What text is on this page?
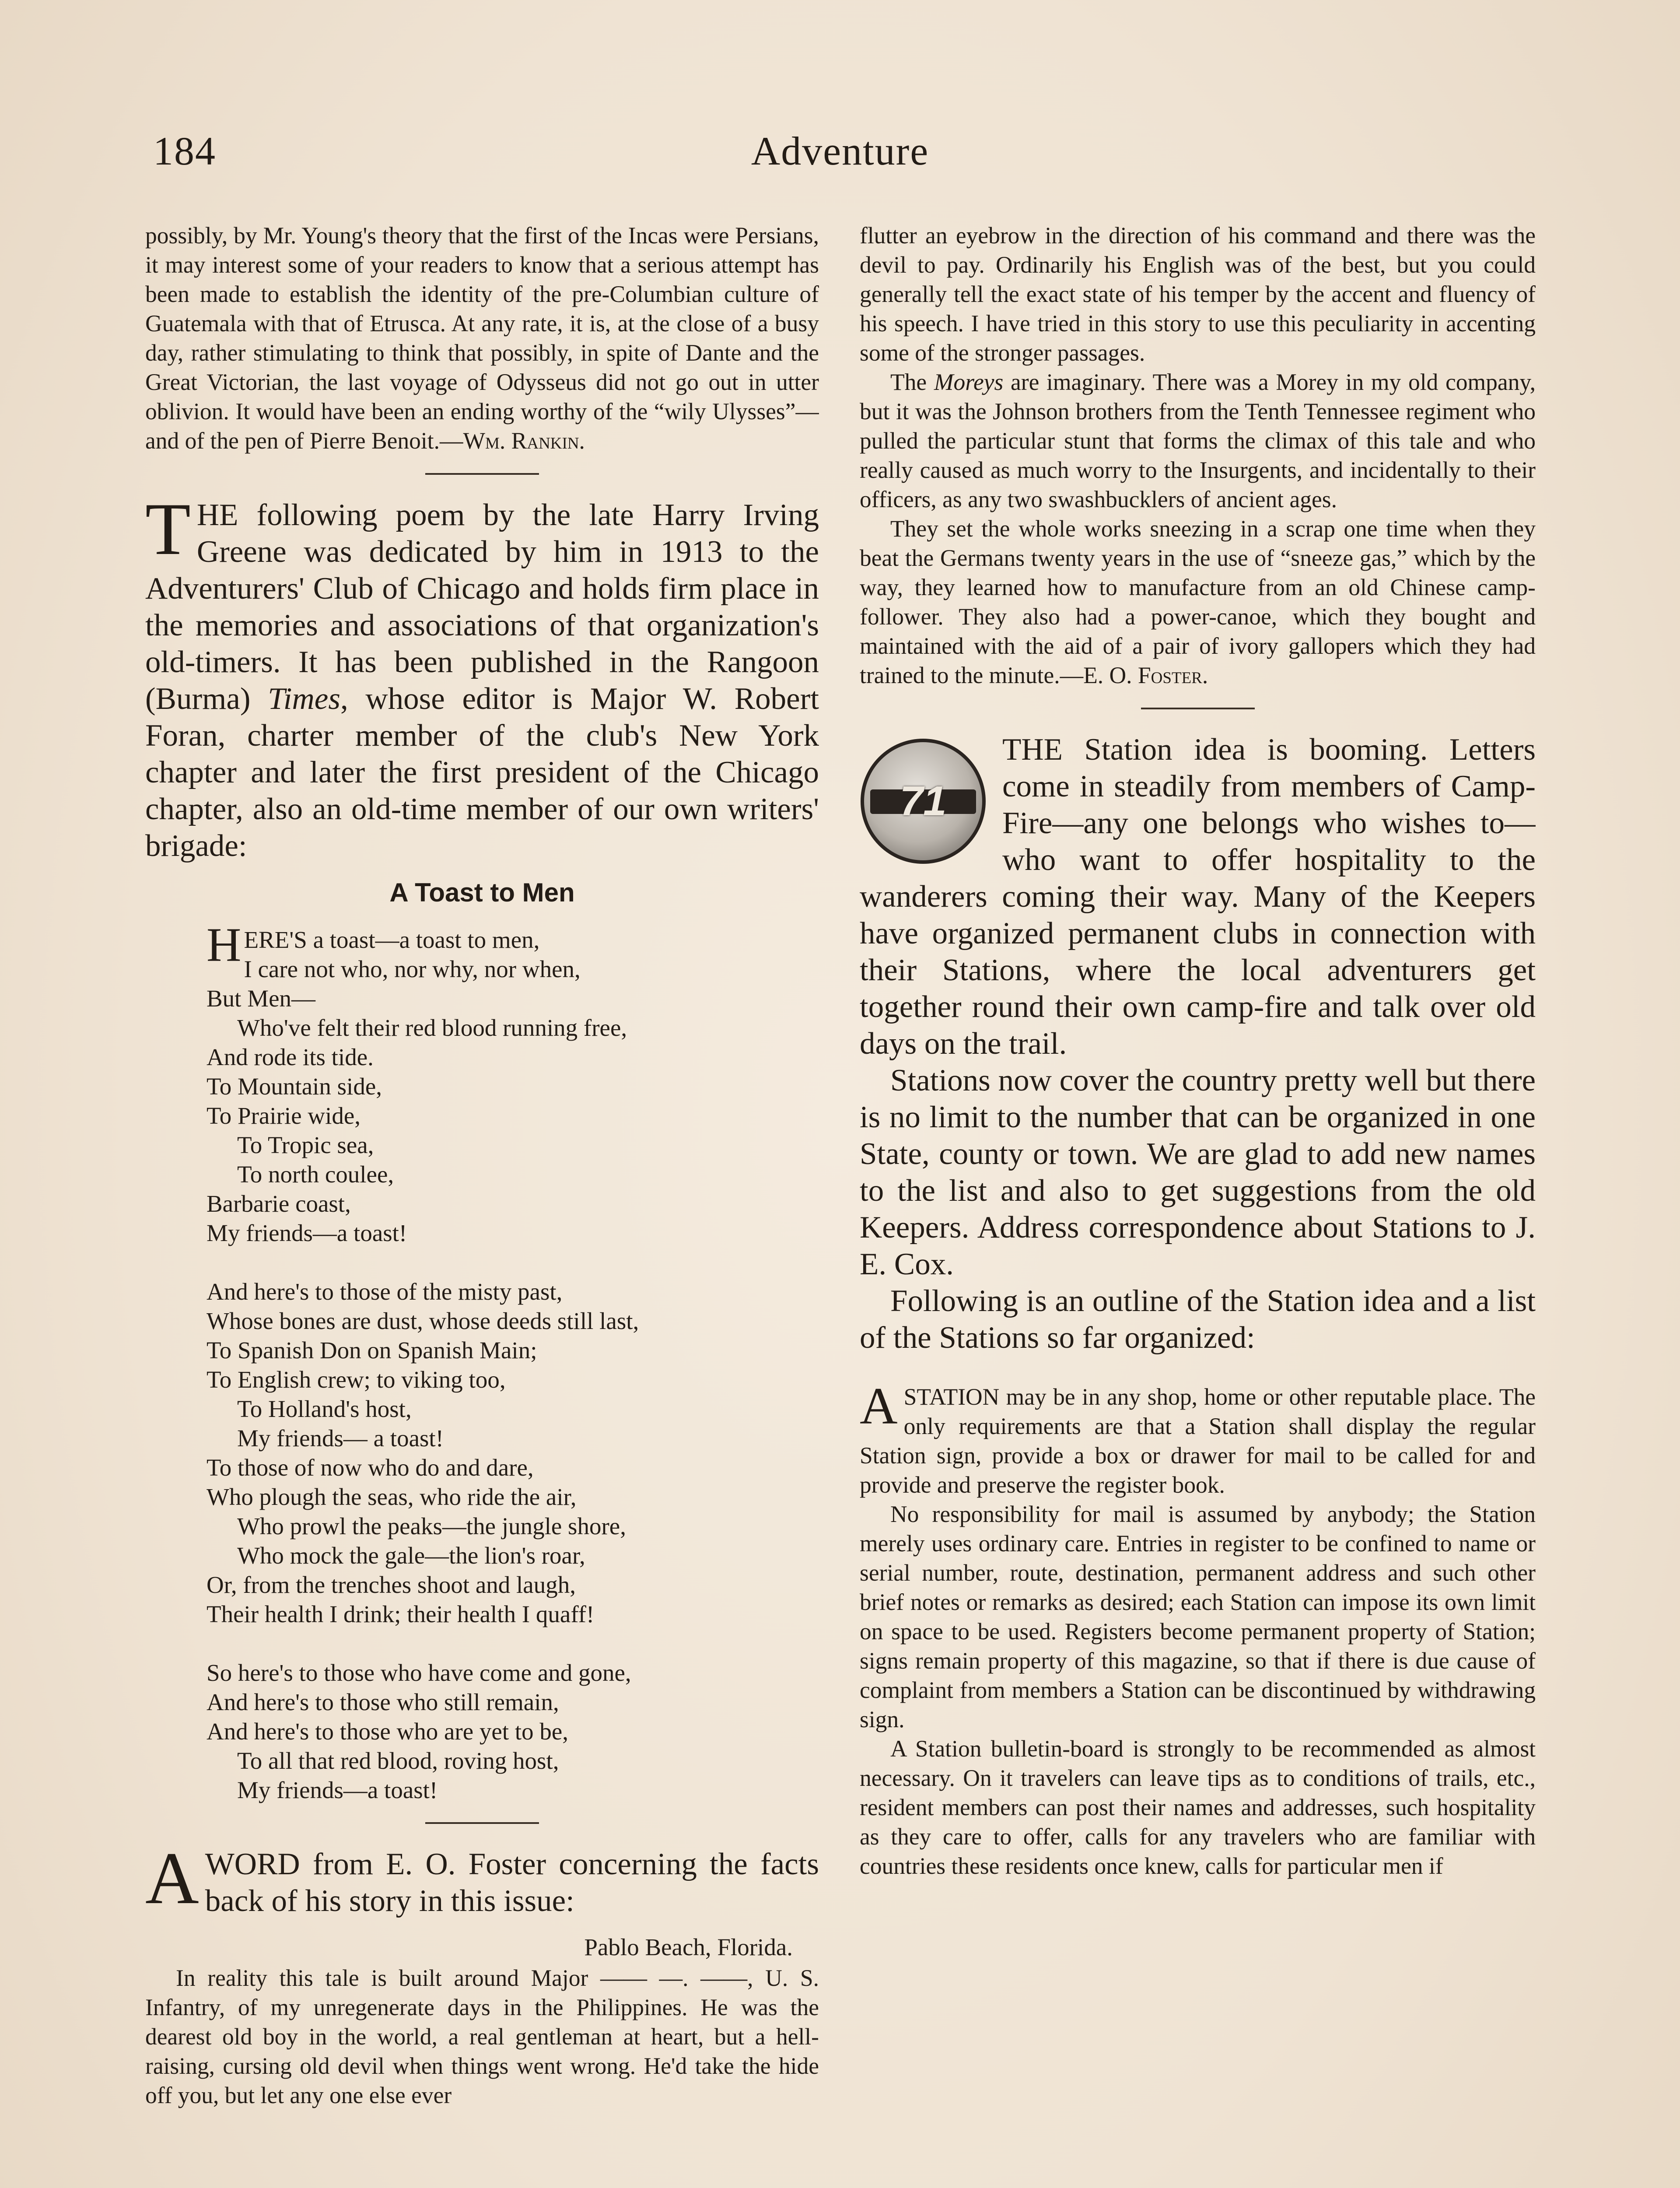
184	Adventure

possibly, by Mr. Young's theory that the first of the Incas were Persians, it may interest some of your readers to know that a serious attempt has been made to establish the identity of the pre-Columbian culture of Guatemala with that of Etrusca. At any rate, it is, at the close of a busy day, rather stimulating to think that possibly, in spite of Dante and the Great Victorian, the last voyage of Odysseus did not go out in utter oblivion. It would have been an ending worthy of the “wily Ulysses”—and of the pen of Pierre Benoit.—Wm. Rankin.

T HE following poem by the late Harry Irving Greene was dedicated by him in 1913 to the Adventurers' Club of Chicago and holds firm place in the memories and associations of that organization's old-timers. It has been published in the Rangoon (Burma) Times, whose editor is Major W. Robert Foran, charter member of the club's New York chapter and later the first president of the Chicago chapter, also an old-time member of our own writers' brigade:

A Toast to Men
HERE'S a toast—a toast to men,
I care not who, nor why, nor when,
But Men—
Who've felt their red blood running free,
And rode its tide.
To Mountain side,
To Prairie wide,
To Tropic sea,
To north coulee,
Barbarie coast,
My friends—a toast!
And here's to those of the misty past,
Whose bones are dust, whose deeds still last,
To Spanish Don on Spanish Main;
To English crew; to viking too,
To Holland's host,
My friends— a toast!
To those of now who do and dare,
Who plough the seas, who ride the air,
Who prowl the peaks—the jungle shore,
Who mock the gale—the lion's roar,
Or, from the trenches shoot and laugh,
Their health I drink; their health I quaff!
So here's to those who have come and gone,
And here's to those who still remain,
And here's to those who are yet to be,
To all that red blood, roving host,
My friends—a toast!
A WORD from E. O. Foster concerning the facts back of his story in this issue:

Pablo Beach, Florida.

In reality this tale is built around Major —— —. ——, U. S. Infantry, of my unregenerate days in the Philippines. He was the dearest old boy in the world, a real gentleman at heart, but a hell-raising, cursing old devil when things went wrong. He'd take the hide off you, but let any one else ever

flutter an eyebrow in the direction of his command and there was the devil to pay. Ordinarily his English was of the best, but you could generally tell the exact state of his temper by the accent and fluency of his speech. I have tried in this story to use this peculiarity in accenting some of the stronger passages.

The Moreys are imaginary. There was a Morey in my old company, but it was the Johnson brothers from the Tenth Tennessee regiment who pulled the particular stunt that forms the climax of this tale and who really caused as much worry to the Insurgents, and incidentally to their officers, as any two swashbucklers of ancient ages.

They set the whole works sneezing in a scrap one time when they beat the Germans twenty years in the use of “sneeze gas,” which by the way, they learned how to manufacture from an old Chinese camp-follower. They also had a power-canoe, which they bought and maintained with the aid of a pair of ivory gallopers which they had trained to the minute.—E. O. Foster.

71

THE Station idea is booming. Letters come in steadily from members of Camp-Fire—any one belongs who wishes to—who want to offer hospitality to the wanderers coming their way. Many of the Keepers have organized permanent clubs in connection with their Stations, where the local adventurers get together round their own camp-fire and talk over old days on the trail.

Stations now cover the country pretty well but there is no limit to the number that can be organized in one State, county or town. We are glad to add new names to the list and also to get suggestions from the old Keepers. Address correspondence about Stations to J. E. Cox.

Following is an outline of the Station idea and a list of the Stations so far organized:

A STATION may be in any shop, home or other reputable place. The only requirements are that a Station shall display the regular Station sign, provide a box or drawer for mail to be called for and provide and preserve the register book.

No responsibility for mail is assumed by anybody; the Station merely uses ordinary care. Entries in register to be confined to name or serial number, route, destination, permanent address and such other brief notes or remarks as desired; each Station can impose its own limit on space to be used. Registers become permanent property of Station; signs remain property of this magazine, so that if there is due cause of complaint from members a Station can be discontinued by withdrawing sign.

A Station bulletin-board is strongly to be recommended as almost necessary. On it travelers can leave tips as to conditions of trails, etc., resident members can post their names and addresses, such hospitality as they care to offer, calls for any travelers who are familiar with countries these residents once knew, calls for particular men if
